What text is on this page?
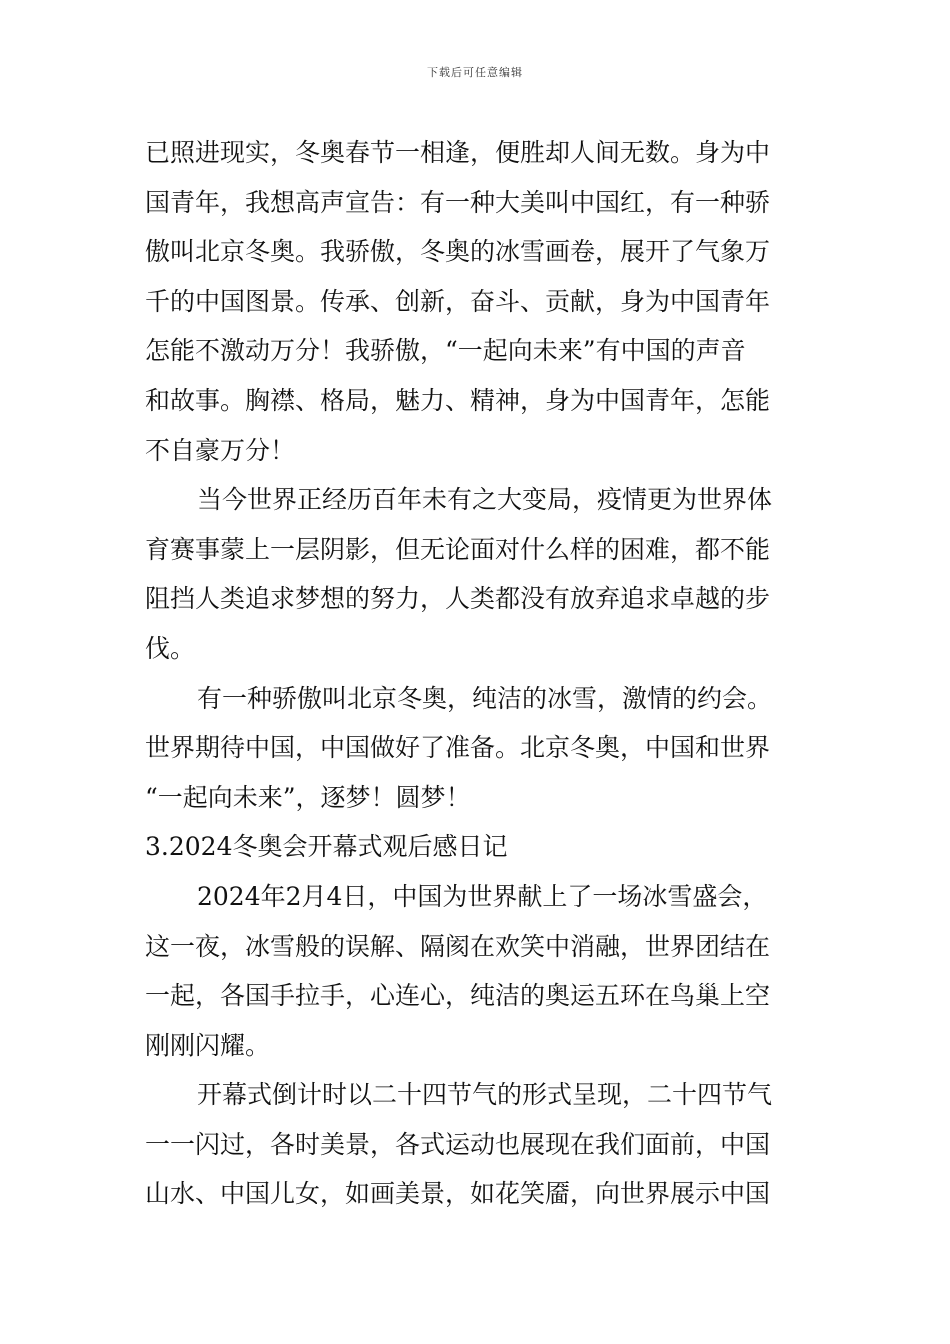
下载后可任意编辑
已照进现实，冬奥春节一相逢，便胜却人间无数。身为中
国青年，我想高声宣告：有一种大美叫中国红，有一种骄
傲叫北京冬奥。我骄傲，冬奥的冰雪画卷，展开了气象万
千的中国图景。传承、创新，奋斗、贡献，身为中国青年
怎能不激动万分！我骄傲，“一起向未来”有中国的声音
和故事。胸襟、格局，魅力、精神，身为中国青年，怎能
不自豪万分！
当今世界正经历百年未有之大变局，疫情更为世界体
育赛事蒙上一层阴影，但无论面对什么样的困难，都不能
阻挡人类追求梦想的努力，人类都没有放弃追求卓越的步
伐。
有一种骄傲叫北京冬奥，纯洁的冰雪，激情的约会。
世界期待中国，中国做好了准备。北京冬奥，中国和世界
“一起向未来”，逐梦！圆梦！
3.2024冬奥会开幕式观后感日记
2024年2月4日，中国为世界献上了一场冰雪盛会，
这一夜，冰雪般的误解、隔阂在欢笑中消融，世界团结在
一起，各国手拉手，心连心，纯洁的奥运五环在鸟巢上空
刚刚闪耀。
开幕式倒计时以二十四节气的形式呈现，二十四节气
一一闪过，各时美景，各式运动也展现在我们面前，中国
山水、中国儿女，如画美景，如花笑靥，向世界展示中国
